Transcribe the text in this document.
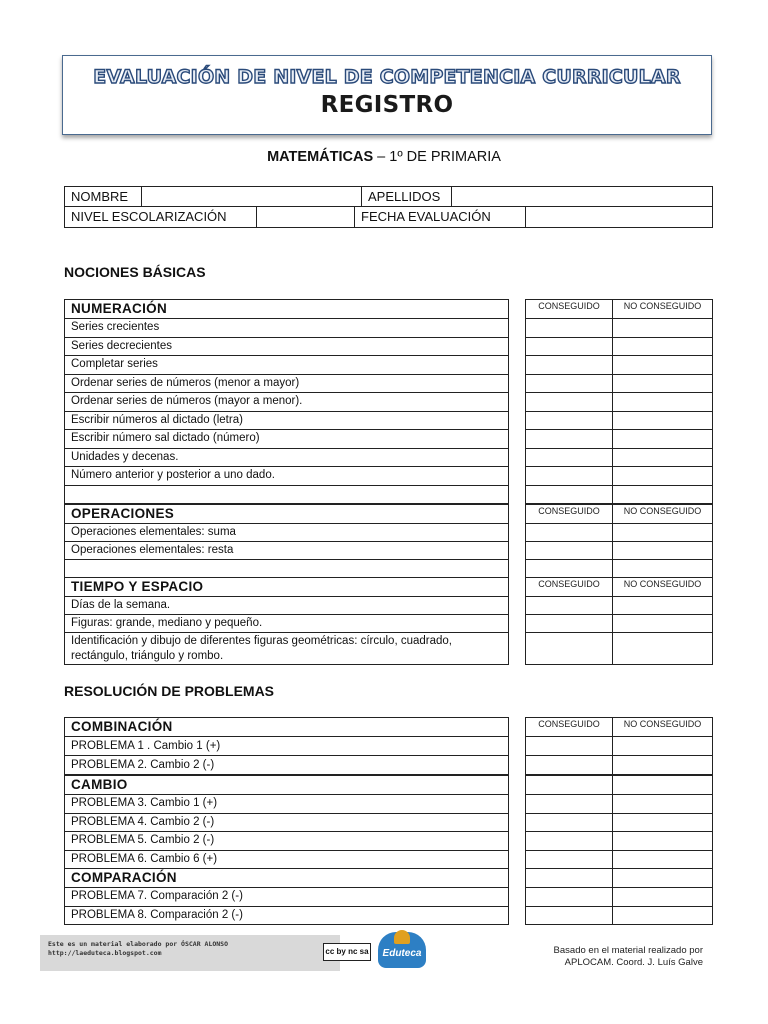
EVALUACIÓN DE NIVEL DE COMPETENCIA CURRICULAR
REGISTRO
MATEMÁTICAS – 1º DE PRIMARIA
NOMBRE	APELLIDOS
NIVEL ESCOLARIZACIÓN	FECHA EVALUACIÓN
NOCIONES BÁSICAS
NUMERACIÓN	CONSEGUIDO	NO CONSEGUIDO
Series crecientes
Series decrecientes
Completar series
Ordenar series de números (menor a mayor)
Ordenar series de números (mayor a menor).
Escribir números al dictado (letra)
Escribir número sal dictado (número)
Unidades y decenas.
Número anterior y posterior a uno dado.
OPERACIONES	CONSEGUIDO	NO CONSEGUIDO
Operaciones elementales: suma
Operaciones elementales: resta
TIEMPO Y ESPACIO	CONSEGUIDO	NO CONSEGUIDO
Días de la semana.
Figuras: grande, mediano y pequeño.
Identificación y dibujo de diferentes figuras geométricas: círculo, cuadrado, rectángulo, triángulo y rombo.
RESOLUCIÓN DE PROBLEMAS
COMBINACIÓN	CONSEGUIDO	NO CONSEGUIDO
PROBLEMA 1 . Cambio 1 (+)
PROBLEMA 2. Cambio 2 (-)
CAMBIO
PROBLEMA 3. Cambio 1 (+)
PROBLEMA 4. Cambio 2 (-)
PROBLEMA 5. Cambio 2 (-)
PROBLEMA 6. Cambio 6 (+)
COMPARACIÓN
PROBLEMA 7. Comparación 2 (-)
PROBLEMA 8. Comparación 2 (-)
Este es un material elaborado por ÓSCAR ALONSO
http://laeduteca.blogspot.com	cc by nc sa	Eduteca	Basado en el material realizado por
APLOCAM. Coord. J. Luís Galve
